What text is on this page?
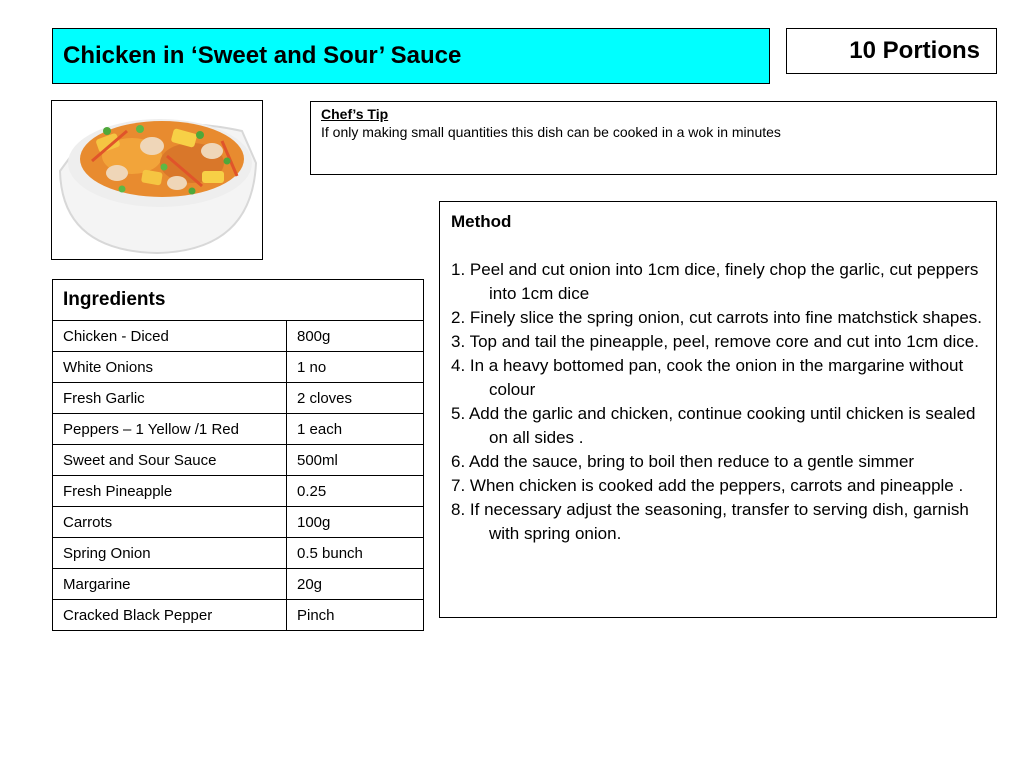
Chicken in ‘Sweet and Sour’ Sauce	10 Portions
Chef’s Tip
If only making small quantities this dish can be cooked in a wok in minutes
Ingredients	
Chicken - Diced	800g
White Onions	1 no
Fresh Garlic	2 cloves
Peppers – 1 Yellow /1 Red	1 each
Sweet and Sour Sauce	500ml
Fresh Pineapple	0.25
Carrots	100g
Spring Onion	0.5 bunch
Margarine	20g
Cracked Black Pepper	Pinch
Method
1. Peel and cut onion into 1cm dice, finely chop the garlic, cut peppers into 1cm dice
2. Finely slice the spring onion, cut carrots into fine matchstick shapes.
3. Top and tail the pineapple, peel, remove core and cut into 1cm dice.
4. In a heavy bottomed pan, cook the onion in the margarine without colour
5. Add the garlic and chicken, continue cooking until chicken is sealed on all sides .
6. Add the sauce, bring to boil then reduce to a gentle simmer
7. When chicken is cooked add the peppers, carrots and pineapple .
8. If necessary adjust the seasoning, transfer to serving dish, garnish with spring onion.
